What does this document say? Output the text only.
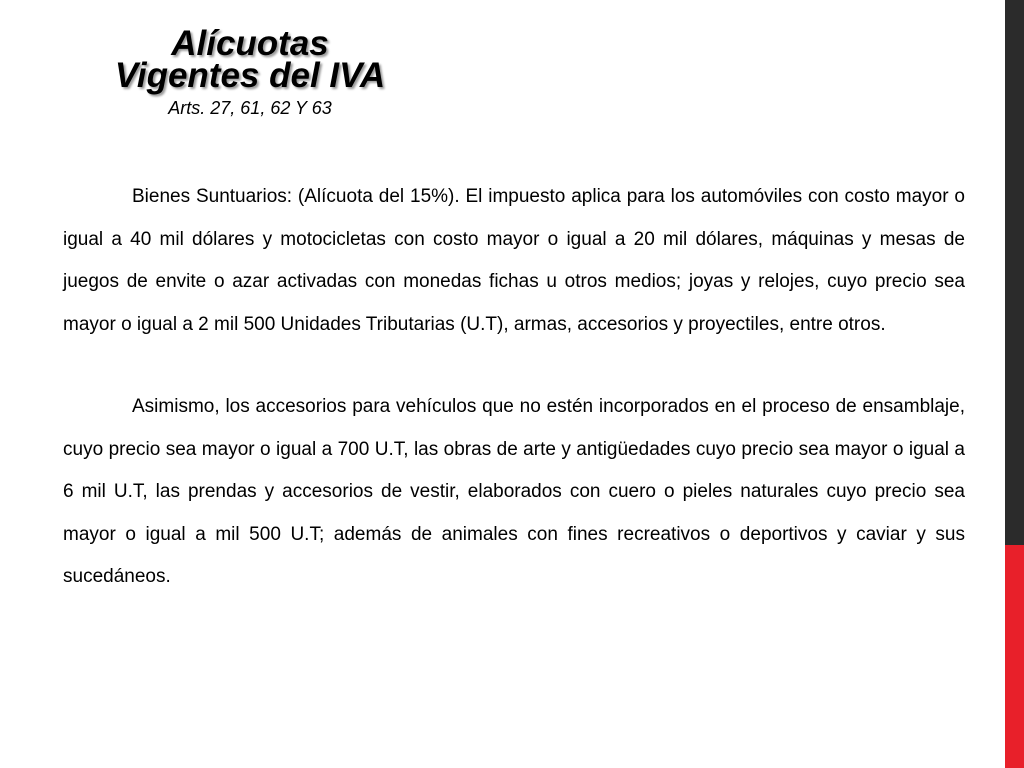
Alícuotas
Vigentes del IVA
Arts. 27, 61, 62 Y 63

Bienes Suntuarios: (Alícuota del 15%). El impuesto aplica para los automóviles con costo mayor o igual a 40 mil dólares y motocicletas con costo mayor o igual a 20 mil dólares, máquinas y mesas de juegos de envite o azar activadas con monedas fichas u otros medios; joyas y relojes, cuyo precio sea mayor o igual a 2 mil 500 Unidades Tributarias (U.T), armas, accesorios y proyectiles, entre otros.

Asimismo, los accesorios para vehículos que no estén incorporados en el proceso de ensamblaje, cuyo precio sea mayor o igual a 700 U.T, las obras de arte y antigüedades cuyo precio sea mayor o igual a 6 mil U.T, las prendas y accesorios de vestir, elaborados con cuero o pieles naturales cuyo precio sea mayor o igual a mil 500 U.T; además de animales con fines recreativos o deportivos y caviar y sus sucedáneos.
